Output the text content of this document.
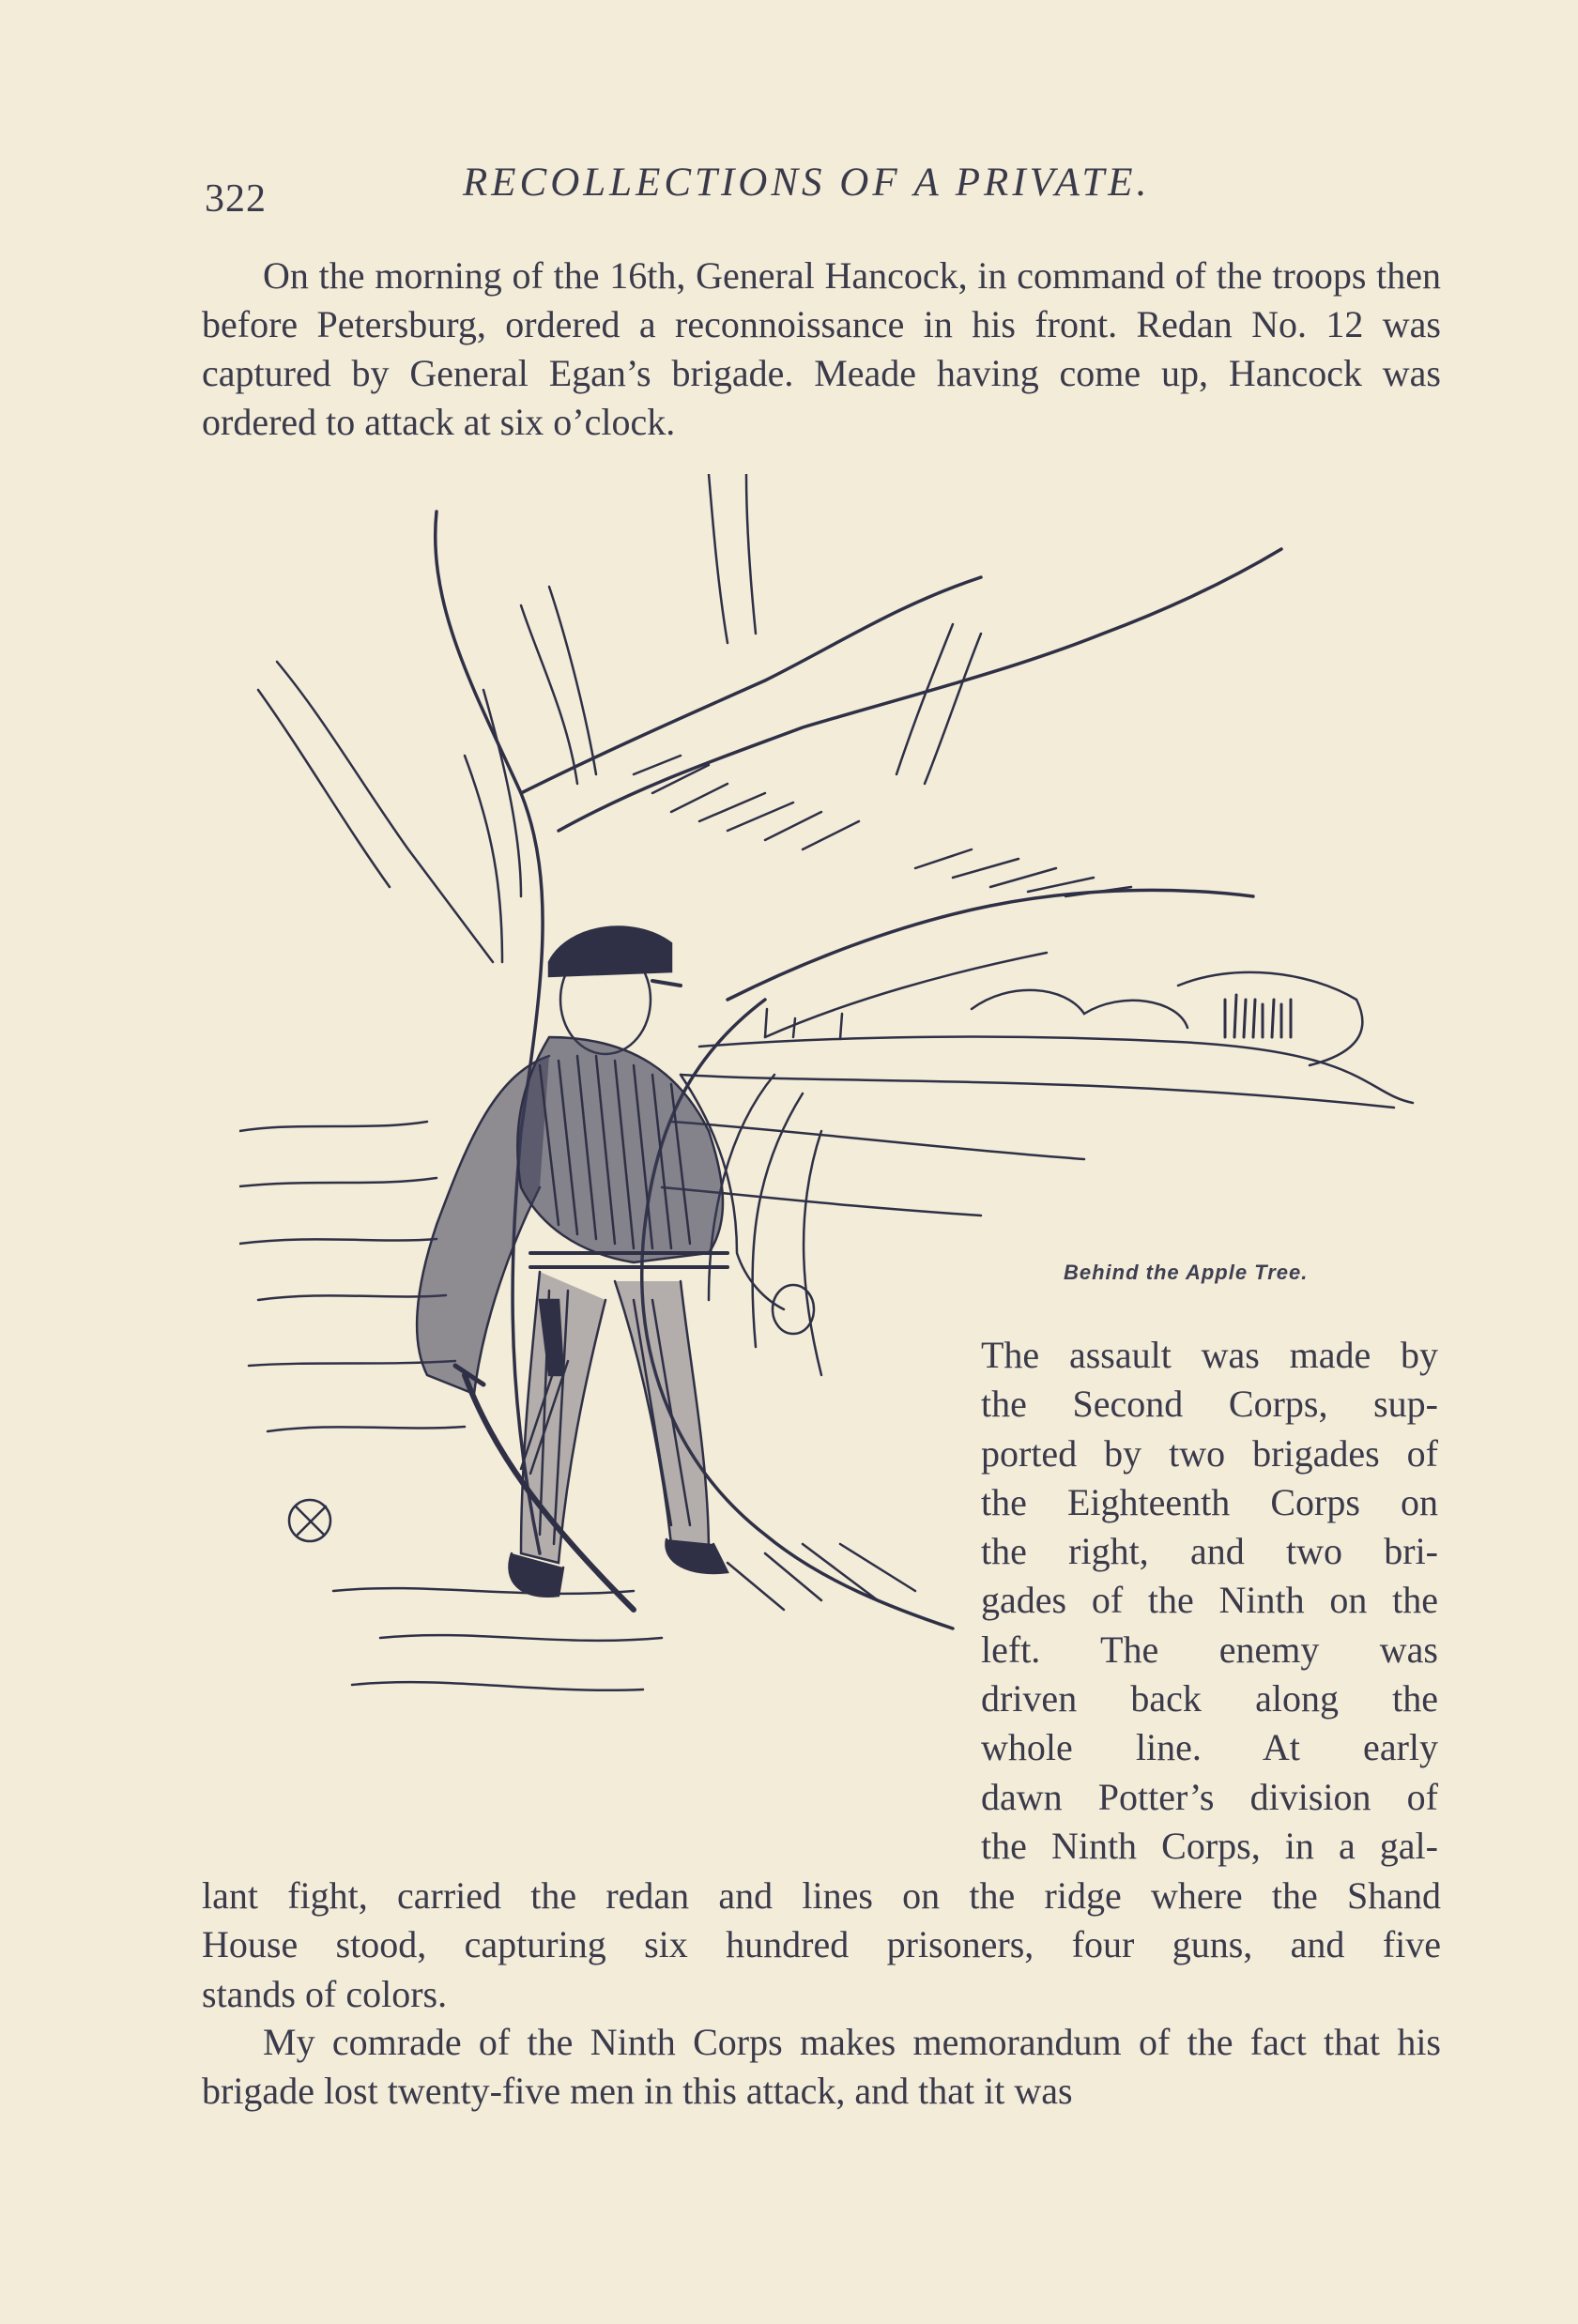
322	RECOLLECTIONS OF A PRIVATE.
On the morning of the 16th, General Hancock, in command of the troops then before Petersburg, ordered a reconnoissance in his front. Redan No. 12 was captured by General Egan’s brigade. Meade having come up, Hancock was ordered to attack at six o’clock.
Behind the Apple Tree.
The assault was made by
the Second Corps, sup-
ported by two brigades of
the Eighteenth Corps on
the right, and two bri-
gades of the Ninth on the
left. The enemy was
driven back along the
whole line. At early
dawn Potter’s division of
the Ninth Corps, in a gal-
lant fight, carried the redan and lines on the ridge where the Shand
House stood, capturing six hundred prisoners, four guns, and five
stands of colors.
My comrade of the Ninth Corps makes memorandum of the fact that his brigade lost twenty-five men in this attack, and that it was
